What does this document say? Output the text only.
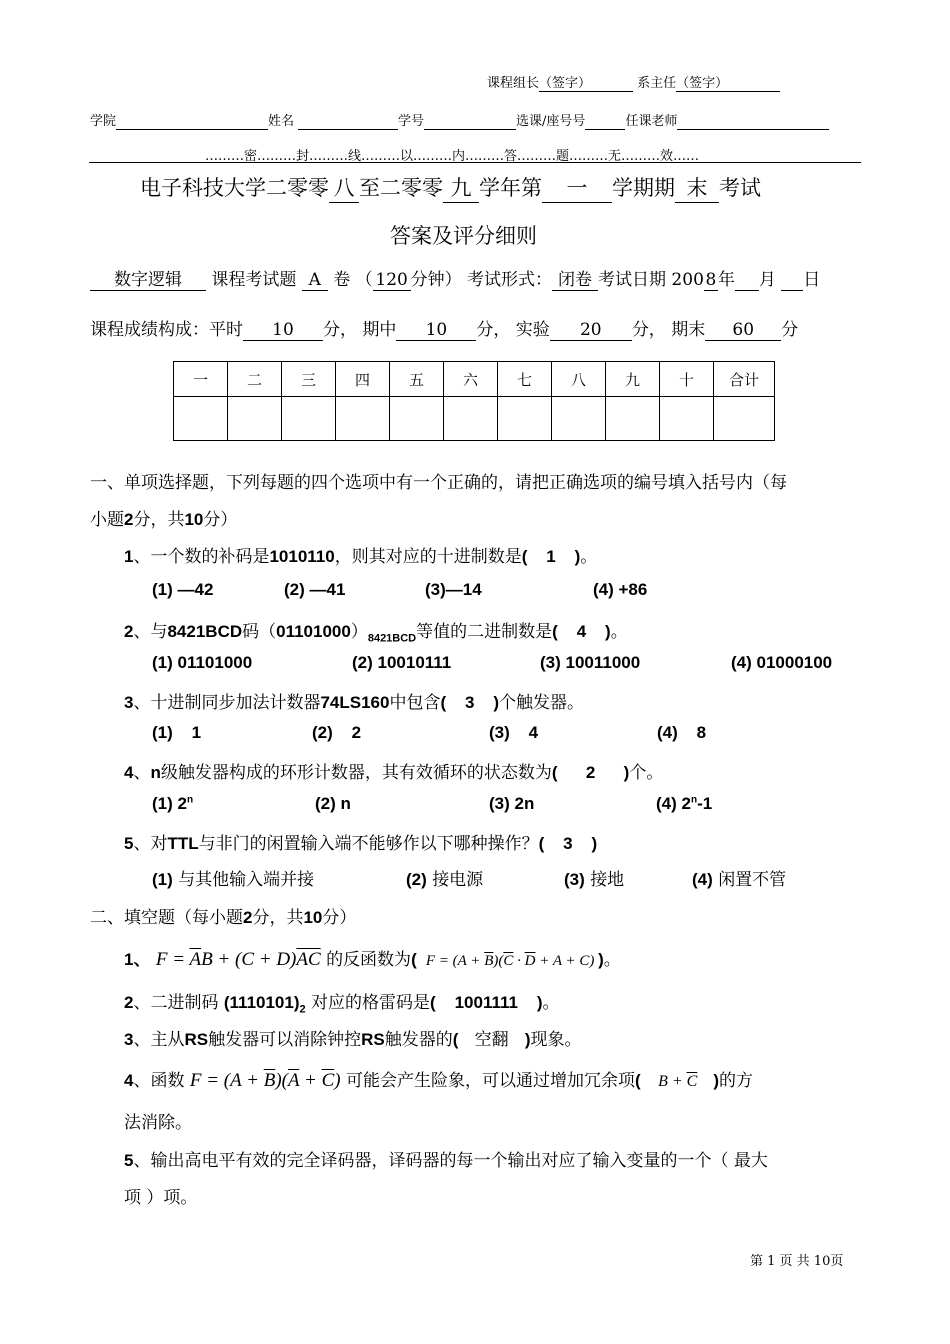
课程组长（签字）	系主任（签字）
学院	姓名	学号	选课/座号号	任课老师
………密………封………线………以………内………答………题………无………效……
电子科技大学二零零 八 至二零零 九 学年第 一 学期期 末 考试
答案及评分细则
数字逻辑 课程考试题 A 卷 （ 120 分钟） 考试形式： 闭卷 考试日期 2008年 月 日
课程成绩构成：平时 10 分， 期中 10 分， 实验 20 分， 期末 60 分
一	二	三	四	五	六	七	八	九	十	合计

一、单项选择题，下列每题的四个选项中有一个正确的，请把正确选项的编号填入括号内（每
小题2分，共10分）
1、一个数的补码是1010110，则其对应的十进制数是(    1    )。
(1) —42	(2) —41	(3)—14	(4) +86
2、与8421BCD码$(01101000)_{8421BCD}$等值的二进制数是(    4    )。
(1) 01101000	(2) 10010111	(3) 10011000	(4) 01000100
3、十进制同步加法计数器74LS160中包含(    3    )个触发器。
(1)    1	(2)    2	(3)    4	(4)    8
4、n级触发器构成的环形计数器，其有效循环的状态数为(      2      )个。
(1) 2$^n$	(2) n	(3) 2n	(4) 2$^n$-1
5、对TTL与非门的闲置输入端不能够作以下哪种操作？(    3    )
(1) 与其他输入端并接	(2) 接电源	(3) 接地	(4) 闲置不管
二、填空题（每小题2分，共10分）
1、 $F = \overline{A}B + (C + D)\overline{AC}$ 的反函数为(  $F = (A + \overline{B})(\overline{C} \cdot \overline{D} + A + C)$ )。
2、二进制码 $(1110101)_2$ 对应的格雷码是(    1001111    )。
3、主从RS触发器可以消除钟控RS触发器的( 空翻 )现象。
4、函数 $F = (A + \overline{B})(\overline{A} + \overline{C})$ 可能会产生险象，可以通过增加冗余项(    $B + \overline{C}$ )的方
法消除。
5、输出高电平有效的完全译码器，译码器的每一个输出对应了输入变量的一个（ 最大
项 ）项。
第 1 页 共 10页
